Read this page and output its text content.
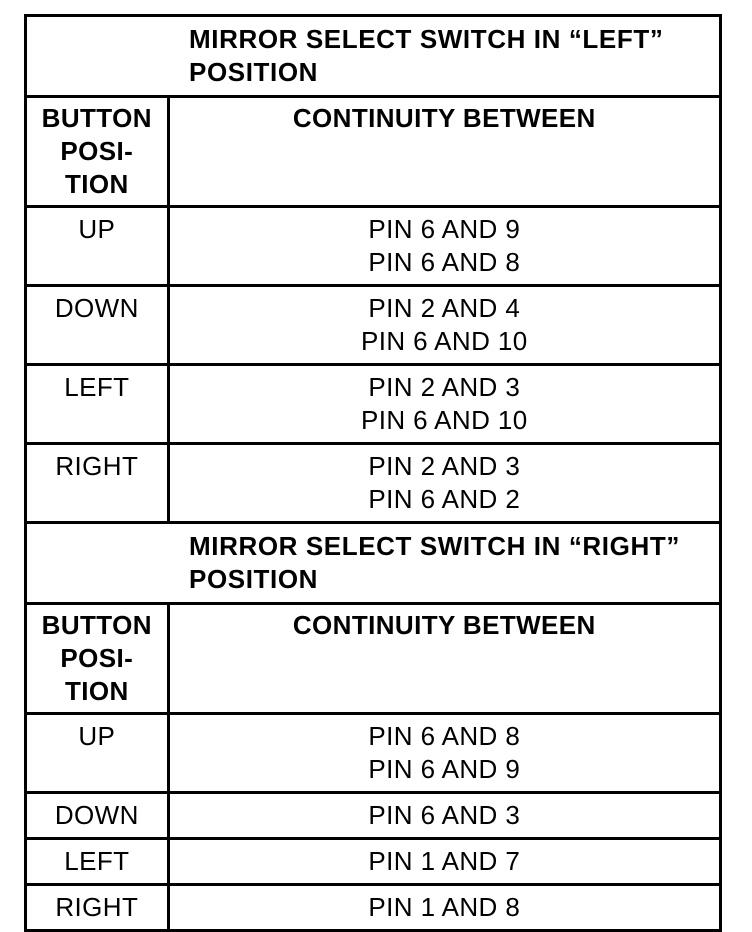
MIRROR SELECT SWITCH IN “LEFT”
POSITION	

BUTTON
POSI-
TION	CONTINUITY BETWEEN
UP	PIN 6 AND 9
PIN 6 AND 8

DOWN	PIN 2 AND 4
PIN 6 AND 10

LEFT	PIN 2 AND 3
PIN 6 AND 10

RIGHT	PIN 2 AND 3
PIN 6 AND 2

MIRROR SELECT SWITCH IN “RIGHT”
POSITION	

BUTTON
POSI-
TION	CONTINUITY BETWEEN
UP	PIN 6 AND 8
PIN 6 AND 9

DOWN	PIN 6 AND 3

LEFT	PIN 1 AND 7

RIGHT	PIN 1 AND 8
